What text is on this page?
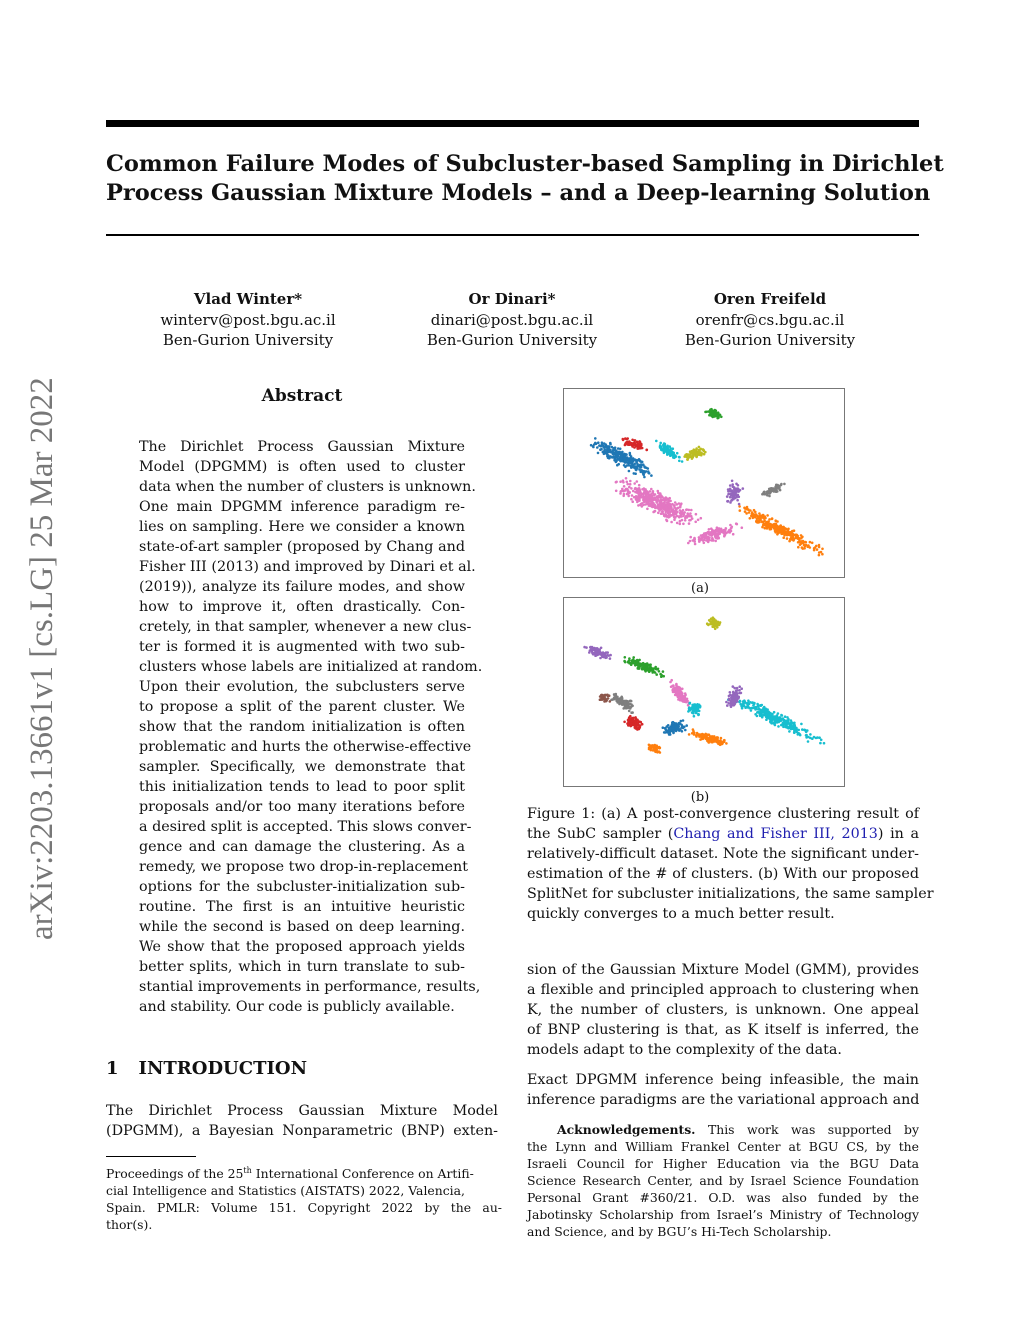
Common Failure Modes of Subcluster-based Sampling in Dirichlet
Process Gaussian Mixture Models – and a Deep-learning Solution
Vlad Winter*
winterv@post.bgu.ac.il
Ben-Gurion University
Or Dinari*
dinari@post.bgu.ac.il
Ben-Gurion University
Oren Freifeld
orenfr@cs.bgu.ac.il
Ben-Gurion University
arXiv:2203.13661v1 [cs.LG] 25 Mar 2022	Abstract
The Dirichlet Process Gaussian Mixture
Model (DPGMM) is often used to cluster
data when the number of clusters is unknown.
One main DPGMM inference paradigm re-
lies on sampling. Here we consider a known
state-of-art sampler (proposed by Chang and
Fisher III (2013) and improved by Dinari et al.
(2019)), analyze its failure modes, and show
how to improve it, often drastically. Con-
cretely, in that sampler, whenever a new clus-
ter is formed it is augmented with two sub-
clusters whose labels are initialized at random.
Upon their evolution, the subclusters serve
to propose a split of the parent cluster. We
show that the random initialization is often
problematic and hurts the otherwise-effective
sampler. Specifically, we demonstrate that
this initialization tends to lead to poor split
proposals and/or too many iterations before
a desired split is accepted. This slows conver-
gence and can damage the clustering. As a
remedy, we propose two drop-in-replacement
options for the subcluster-initialization sub-
routine. The first is an intuitive heuristic
while the second is based on deep learning.
We show that the proposed approach yields
better splits, which in turn translate to sub-
stantial improvements in performance, results,
and stability. Our code is publicly available.
1 INTRODUCTION
The Dirichlet Process Gaussian Mixture Model
(DPGMM), a Bayesian Nonparametric (BNP) exten-
Proceedings of the 25th International Conference on Artifi-
cial Intelligence and Statistics (AISTATS) 2022, Valencia,
Spain. PMLR: Volume 151. Copyright 2022 by the au-
thor(s).
(a)
(b)
Figure 1: (a) A post-convergence clustering result of
the SubC sampler (Chang and Fisher III, 2013) in a
relatively-difficult dataset. Note the significant under-
estimation of the # of clusters. (b) With our proposed
SplitNet for subcluster initializations, the same sampler
quickly converges to a much better result.
sion of the Gaussian Mixture Model (GMM), provides
a flexible and principled approach to clustering when
K, the number of clusters, is unknown. One appeal
of BNP clustering is that, as K itself is inferred, the
models adapt to the complexity of the data.
Exact DPGMM inference being infeasible, the main
inference paradigms are the variational approach and
Acknowledgements. This work was supported by
the Lynn and William Frankel Center at BGU CS, by the
Israeli Council for Higher Education via the BGU Data
Science Research Center, and by Israel Science Foundation
Personal Grant #360/21. O.D. was also funded by the
Jabotinsky Scholarship from Israel’s Ministry of Technology
and Science, and by BGU’s Hi-Tech Scholarship.
